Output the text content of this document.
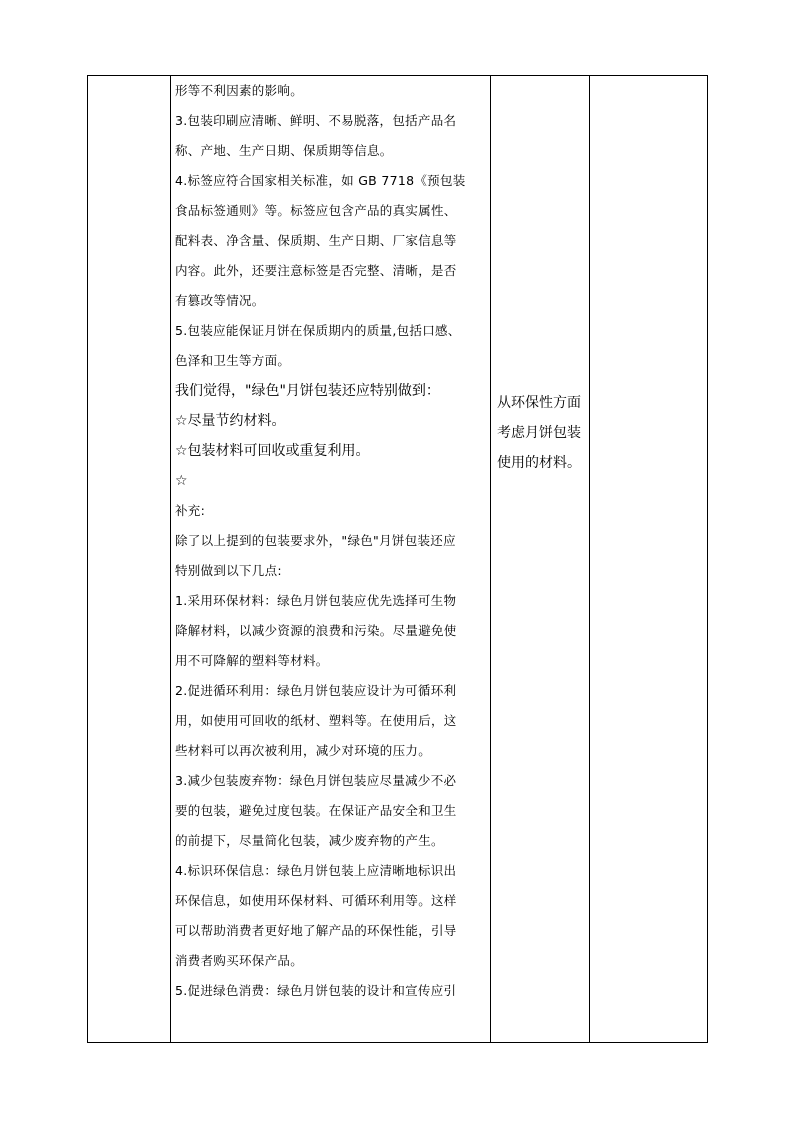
形等不利因素的影响。
3.包装印刷应清晰、鲜明、不易脱落，包括产品名
称、产地、生产日期、保质期等信息。
4.标签应符合国家相关标准，如 GB 7718《预包装
食品标签通则》等。标签应包含产品的真实属性、
配料表、净含量、保质期、生产日期、厂家信息等
内容。此外，还要注意标签是否完整、清晰，是否
有篡改等情况。
5.包装应能保证月饼在保质期内的质量,包括口感、
色泽和卫生等方面。
我们觉得，"绿色"月饼包装还应特别做到：
☆尽量节约材料。
☆包装材料可回收或重复利用。
☆
补充:
除了以上提到的包装要求外，"绿色"月饼包装还应
特别做到以下几点:
1.采用环保材料：绿色月饼包装应优先选择可生物
降解材料，以减少资源的浪费和污染。尽量避免使
用不可降解的塑料等材料。
2.促进循环利用：绿色月饼包装应设计为可循环利
用，如使用可回收的纸材、塑料等。在使用后，这
些材料可以再次被利用，减少对环境的压力。
3.减少包装废弃物：绿色月饼包装应尽量减少不必
要的包装，避免过度包装。在保证产品安全和卫生
的前提下，尽量简化包装，减少废弃物的产生。
4.标识环保信息：绿色月饼包装上应清晰地标识出
环保信息，如使用环保材料、可循环利用等。这样
可以帮助消费者更好地了解产品的环保性能，引导
消费者购买环保产品。
5.促进绿色消费：绿色月饼包装的设计和宣传应引
从环保性方面
考虑月饼包装
使用的材料。
